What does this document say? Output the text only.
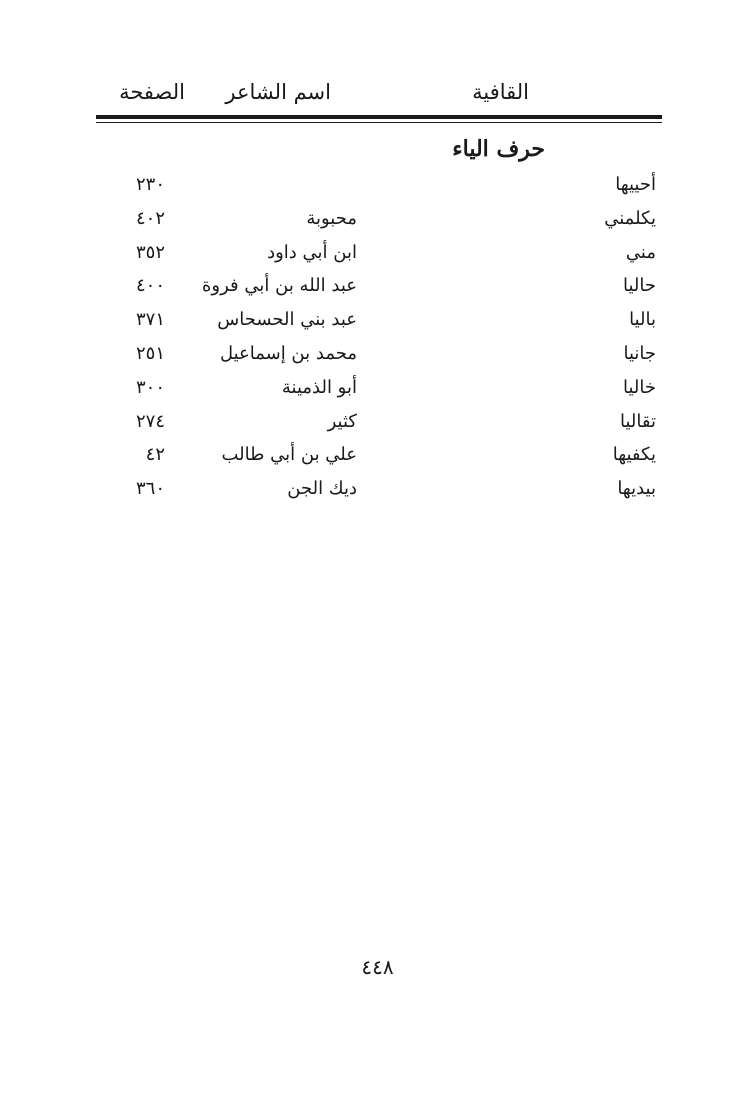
القافية
اسم الشاعر
الصفحة
حرف الياء
أحييها
٢٣٠
يكلمني
محبوبة
٤٠٢
مني
ابن أبي داود
٣٥٢
حاليا
عبد الله بن أبي فروة
٤٠٠
باليا
عبد بني الحسحاس
٣٧١
جانيا
محمد بن إسماعيل
٢٥١
خاليا
أبو الذمينة
٣٠٠
تقاليا
كثير
٢٧٤
يكفيها
علي بن أبي طالب
٤٢
بيديها
ديك الجن
٣٦٠
٤٤٨
